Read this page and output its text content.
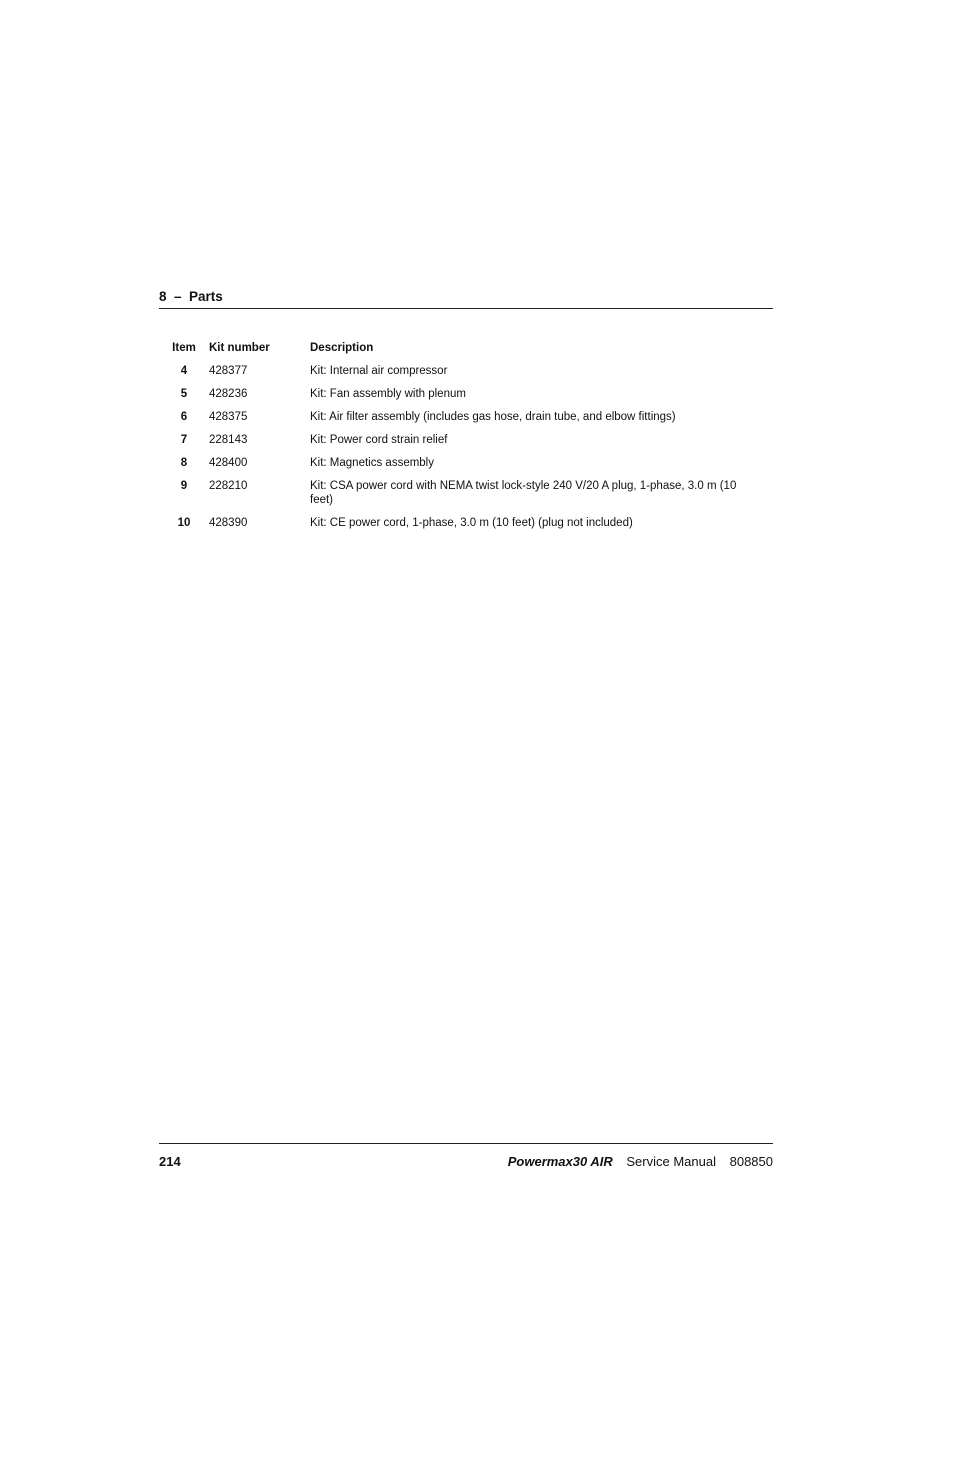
8  –  Parts
Item	Kit number	Description
4	428377	Kit: Internal air compressor
5	428236	Kit: Fan assembly with plenum
6	428375	Kit: Air filter assembly (includes gas hose, drain tube, and elbow fittings)
7	228143	Kit: Power cord strain relief
8	428400	Kit: Magnetics assembly
9	228210	Kit: CSA power cord with NEMA twist lock-style 240 V/20 A plug, 1-phase, 3.0 m (10 feet)
10	428390	Kit: CE power cord, 1-phase, 3.0 m (10 feet) (plug not included)
214	Powermax30 AIR Service Manual 808850
